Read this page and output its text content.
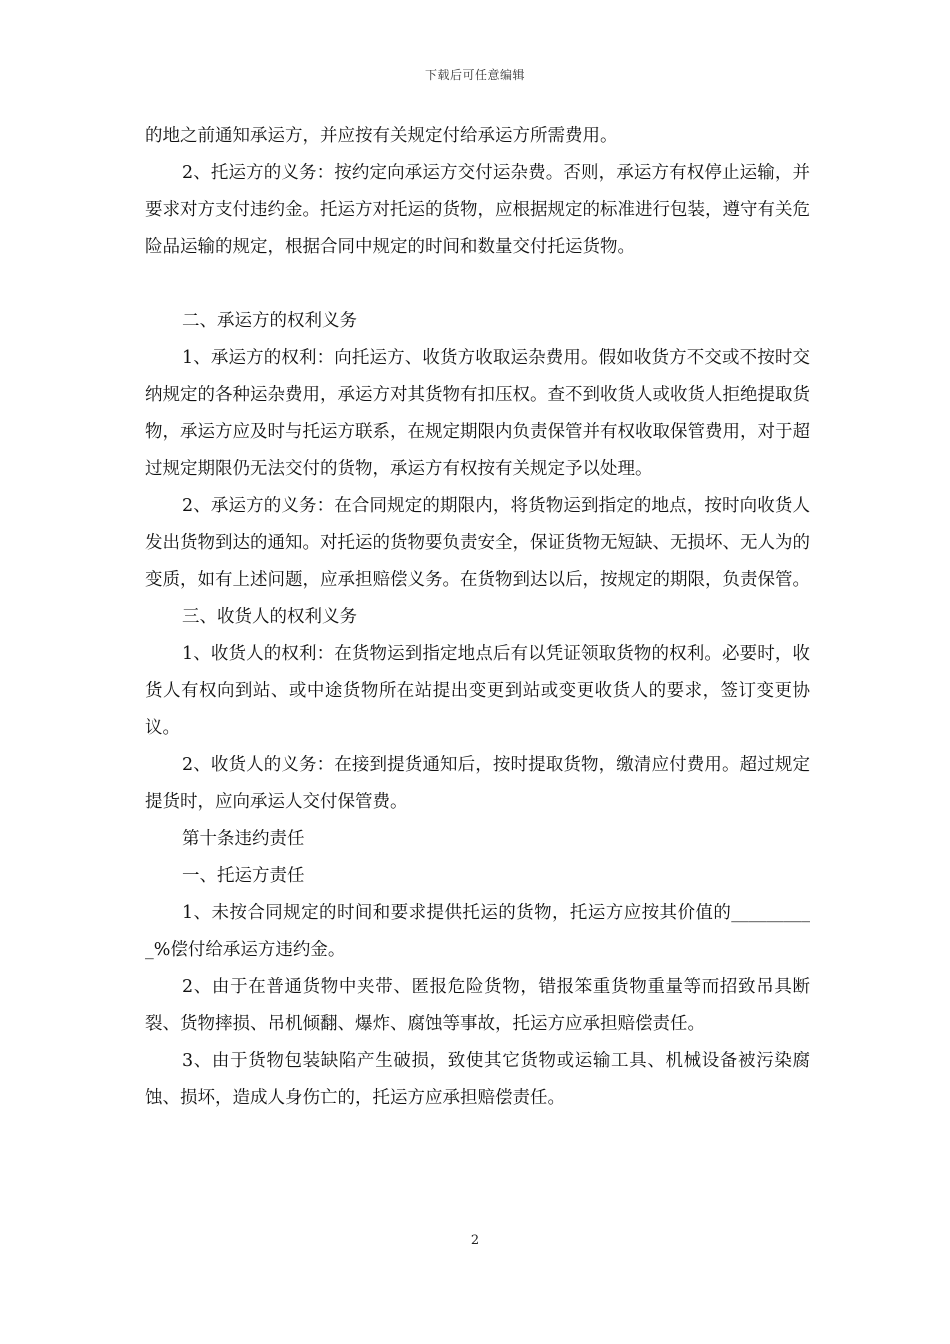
下载后可任意编辑

的地之前通知承运方，并应按有关规定付给承运方所需费用。

2、托运方的义务：按约定向承运方交付运杂费。否则，承运方有权停止运输，并要求对方支付违约金。托运方对托运的货物，应根据规定的标准进行包装，遵守有关危险品运输的规定，根据合同中规定的时间和数量交付托运货物。

二、承运方的权利义务

1、承运方的权利：向托运方、收货方收取运杂费用。假如收货方不交或不按时交纳规定的各种运杂费用，承运方对其货物有扣压权。查不到收货人或收货人拒绝提取货物，承运方应及时与托运方联系，在规定期限内负责保管并有权收取保管费用，对于超过规定期限仍无法交付的货物，承运方有权按有关规定予以处理。

2、承运方的义务：在合同规定的期限内，将货物运到指定的地点，按时向收货人发出货物到达的通知。对托运的货物要负责安全，保证货物无短缺、无损坏、无人为的变质，如有上述问题，应承担赔偿义务。在货物到达以后，按规定的期限，负责保管。

三、收货人的权利义务

1、收货人的权利：在货物运到指定地点后有以凭证领取货物的权利。必要时，收货人有权向到站、或中途货物所在站提出变更到站或变更收货人的要求，签订变更协议。

2、收货人的义务：在接到提货通知后，按时提取货物，缴清应付费用。超过规定提货时，应向承运人交付保管费。

第十条违约责任

一、托运方责任

1、未按合同规定的时间和要求提供托运的货物，托运方应按其价值的__________%偿付给承运方违约金。

2、由于在普通货物中夹带、匿报危险货物，错报笨重货物重量等而招致吊具断裂、货物摔损、吊机倾翻、爆炸、腐蚀等事故，托运方应承担赔偿责任。

3、由于货物包装缺陷产生破损，致使其它货物或运输工具、机械设备被污染腐蚀、损坏，造成人身伤亡的，托运方应承担赔偿责任。

2
